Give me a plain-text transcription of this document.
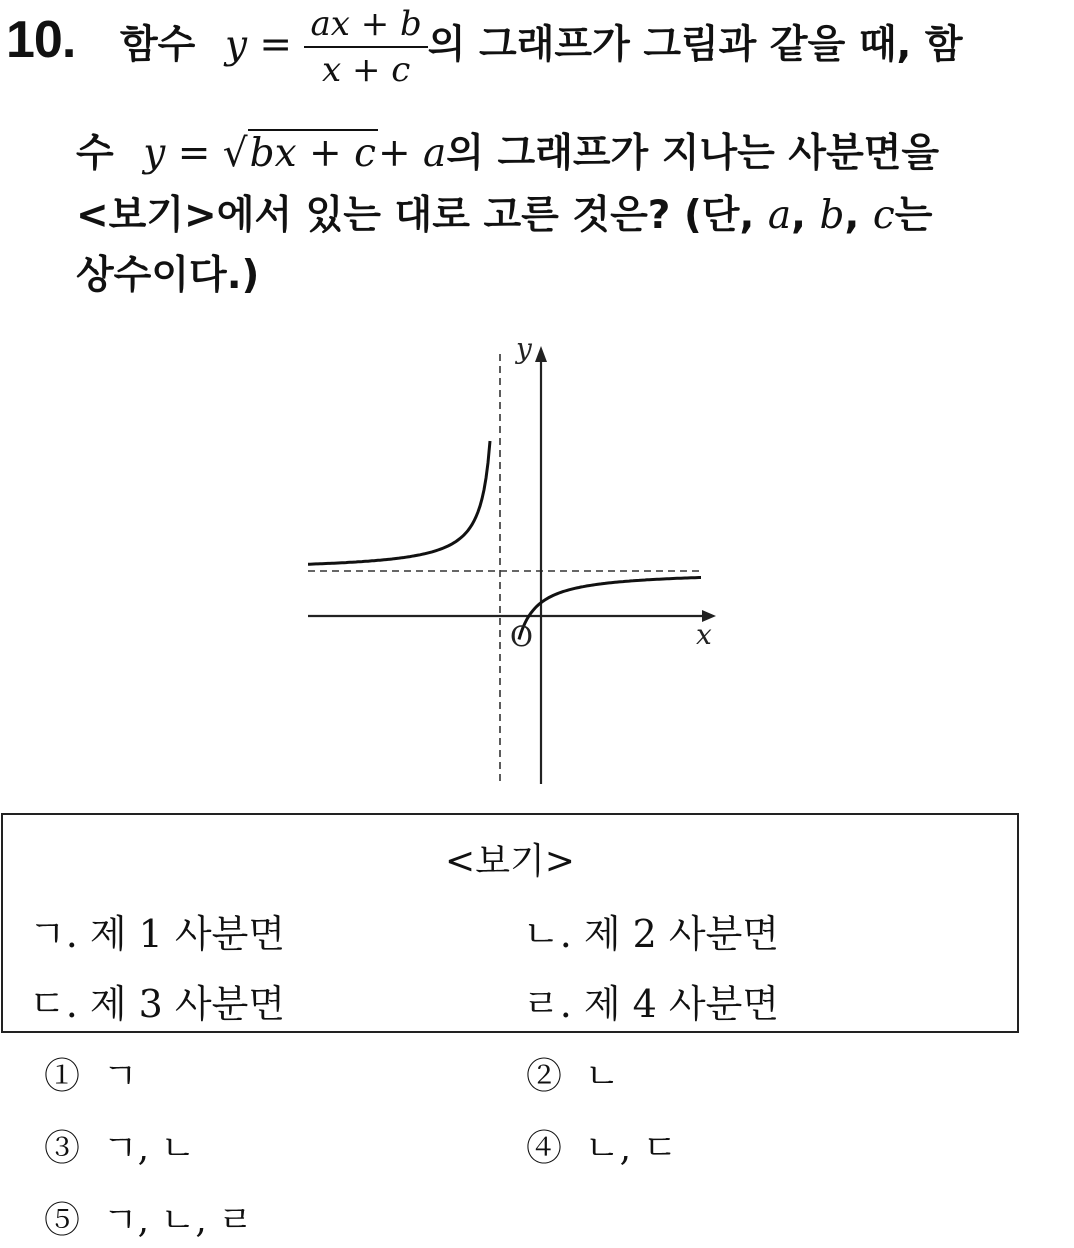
10. 함수 $y = \frac{ax + b}{x + c}$ 의 그래프가 그림과 같을 때, 함
수 y = √bx + c+ a의 그래프가 지나는 사분면을
<보기>에서 있는 대로 고른 것은? (단, a, b, c는
상수이다.)
y
x
O
<보기>
ㄱ. 제 1 사분면	ㄴ. 제 2 사분면
ㄷ. 제 3 사분면	ㄹ. 제 4 사분면
① ㄱ	② ㄴ
③ ㄱ, ㄴ	④ ㄴ, ㄷ
⑤ ㄱ, ㄴ, ㄹ
